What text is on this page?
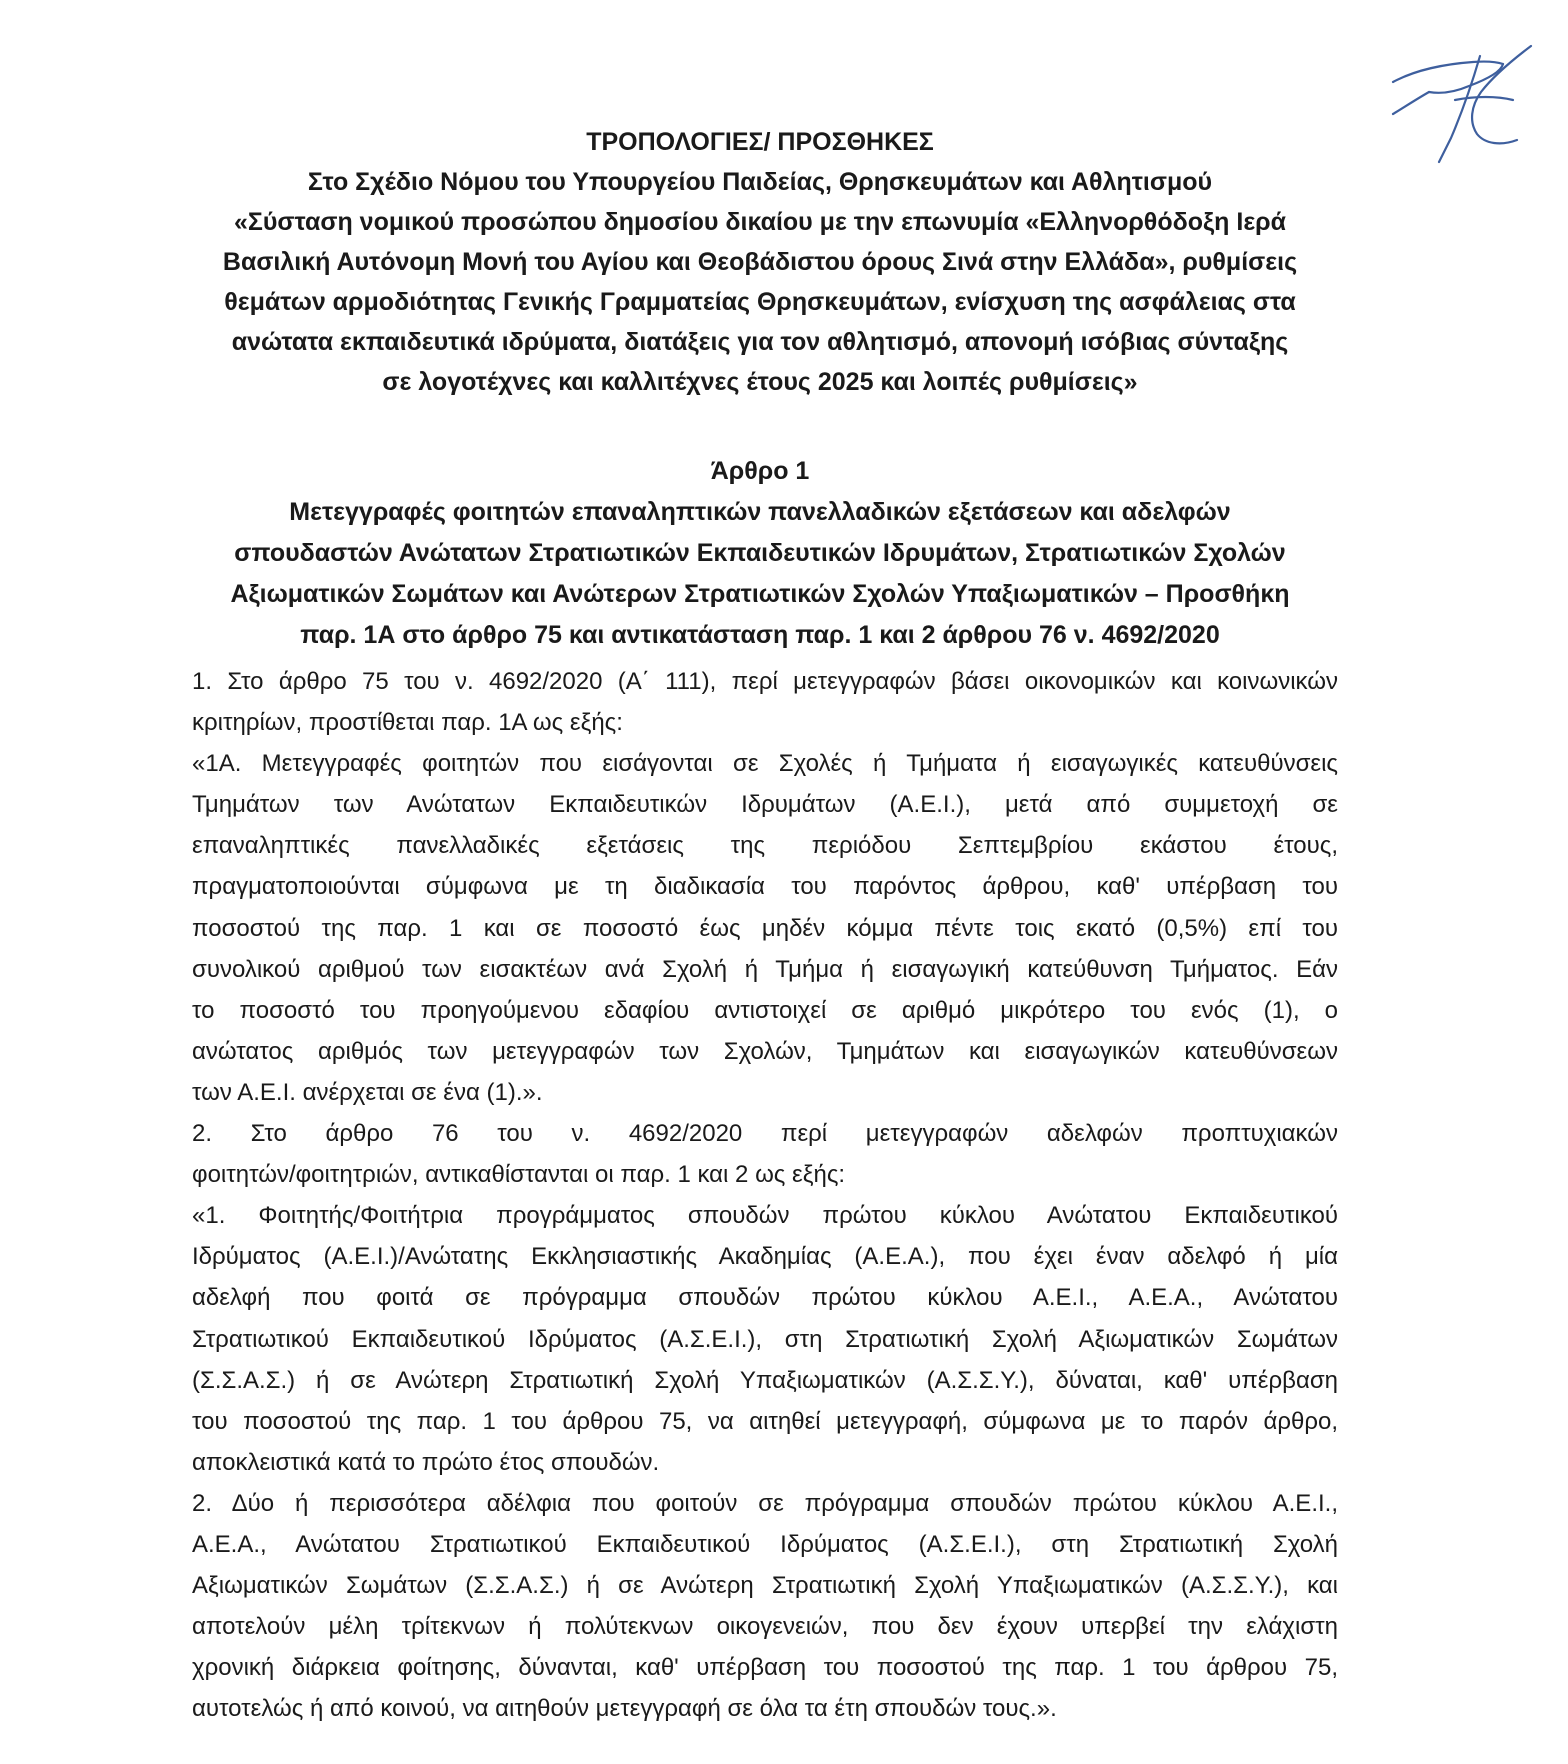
ΤΡΟΠΟΛΟΓΙΕΣ/ ΠΡΟΣΘΗΚΕΣ
Στο Σχέδιο Νόμου του Υπουργείου Παιδείας, Θρησκευμάτων και Αθλητισμού
«Σύσταση νομικού προσώπου δημοσίου δικαίου με την επωνυμία «Ελληνορθόδοξη Ιερά
Βασιλική Αυτόνομη Μονή του Αγίου και Θεοβάδιστου όρους Σινά στην Ελλάδα», ρυθμίσεις
θεμάτων αρμοδιότητας Γενικής Γραμματείας Θρησκευμάτων, ενίσχυση της ασφάλειας στα
ανώτατα εκπαιδευτικά ιδρύματα, διατάξεις για τον αθλητισμό, απονομή ισόβιας σύνταξης
σε λογοτέχνες και καλλιτέχνες έτους 2025 και λοιπές ρυθμίσεις»
Άρθρο 1
Μετεγγραφές φοιτητών επαναληπτικών πανελλαδικών εξετάσεων και αδελφών
σπουδαστών Ανώτατων Στρατιωτικών Εκπαιδευτικών Ιδρυμάτων, Στρατιωτικών Σχολών
Αξιωματικών Σωμάτων και Ανώτερων Στρατιωτικών Σχολών Υπαξιωματικών – Προσθήκη
παρ. 1Α στο άρθρο 75 και αντικατάσταση παρ. 1 και 2 άρθρου 76 ν. 4692/2020
1. Στο άρθρο 75 του ν. 4692/2020 (Α΄ 111), περί μετεγγραφών βάσει οικονομικών και κοινωνικών
κριτηρίων, προστίθεται παρ. 1Α ως εξής:
«1Α. Μετεγγραφές φοιτητών που εισάγονται σε Σχολές ή Τμήματα ή εισαγωγικές κατευθύνσεις
Τμημάτων των Ανώτατων Εκπαιδευτικών Ιδρυμάτων (Α.Ε.Ι.), μετά από συμμετοχή σε
επαναληπτικές πανελλαδικές εξετάσεις της περιόδου Σεπτεμβρίου εκάστου έτους,
πραγματοποιούνται σύμφωνα με τη διαδικασία του παρόντος άρθρου, καθ' υπέρβαση του
ποσοστού της παρ. 1 και σε ποσοστό έως μηδέν κόμμα πέντε τοις εκατό (0,5%) επί του
συνολικού αριθμού των εισακτέων ανά Σχολή ή Τμήμα ή εισαγωγική κατεύθυνση Τμήματος. Εάν
το ποσοστό του προηγούμενου εδαφίου αντιστοιχεί σε αριθμό μικρότερο του ενός (1), ο
ανώτατος αριθμός των μετεγγραφών των Σχολών, Τμημάτων και εισαγωγικών κατευθύνσεων
των Α.Ε.Ι. ανέρχεται σε ένα (1).».
2. Στο άρθρο 76 του ν. 4692/2020 περί μετεγγραφών αδελφών προπτυχιακών
φοιτητών/φοιτητριών, αντικαθίστανται οι παρ. 1 και 2 ως εξής:
«1. Φοιτητής/Φοιτήτρια προγράμματος σπουδών πρώτου κύκλου Ανώτατου Εκπαιδευτικού
Ιδρύματος (Α.Ε.Ι.)/Ανώτατης Εκκλησιαστικής Ακαδημίας (Α.Ε.Α.), που έχει έναν αδελφό ή μία
αδελφή που φοιτά σε πρόγραμμα σπουδών πρώτου κύκλου Α.Ε.Ι., Α.Ε.Α., Ανώτατου
Στρατιωτικού Εκπαιδευτικού Ιδρύματος (Α.Σ.Ε.Ι.), στη Στρατιωτική Σχολή Αξιωματικών Σωμάτων
(Σ.Σ.Α.Σ.) ή σε Ανώτερη Στρατιωτική Σχολή Υπαξιωματικών (Α.Σ.Σ.Υ.), δύναται, καθ' υπέρβαση
του ποσοστού της παρ. 1 του άρθρου 75, να αιτηθεί μετεγγραφή, σύμφωνα με το παρόν άρθρο,
αποκλειστικά κατά το πρώτο έτος σπουδών.
2. Δύο ή περισσότερα αδέλφια που φοιτούν σε πρόγραμμα σπουδών πρώτου κύκλου Α.Ε.Ι.,
Α.Ε.Α., Ανώτατου Στρατιωτικού Εκπαιδευτικού Ιδρύματος (Α.Σ.Ε.Ι.), στη Στρατιωτική Σχολή
Αξιωματικών Σωμάτων (Σ.Σ.Α.Σ.) ή σε Ανώτερη Στρατιωτική Σχολή Υπαξιωματικών (Α.Σ.Σ.Υ.), και
αποτελούν μέλη τρίτεκνων ή πολύτεκνων οικογενειών, που δεν έχουν υπερβεί την ελάχιστη
χρονική διάρκεια φοίτησης, δύνανται, καθ' υπέρβαση του ποσοστού της παρ. 1 του άρθρου 75,
αυτοτελώς ή από κοινού, να αιτηθούν μετεγγραφή σε όλα τα έτη σπουδών τους.».
